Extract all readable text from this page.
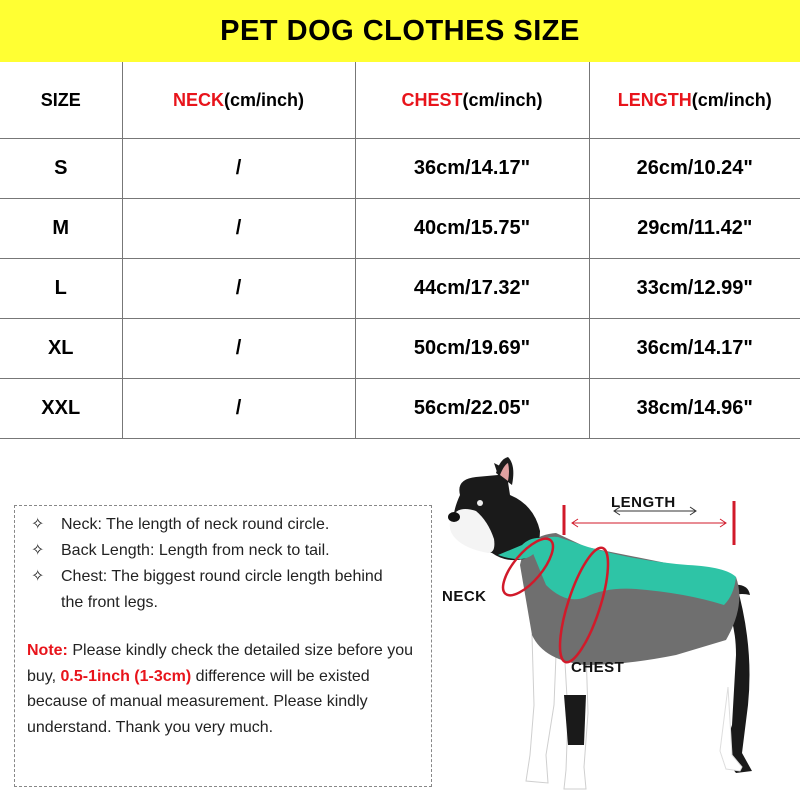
PET DOG CLOTHES SIZE
SIZE	NECK(cm/inch)	CHEST(cm/inch)	LENGTH(cm/inch)
S	/	36cm/14.17"	26cm/10.24"
M	/	40cm/15.75"	29cm/11.42"
L	/	44cm/17.32"	33cm/12.99"
XL	/	50cm/19.69"	36cm/14.17"
XXL	/	56cm/22.05"	38cm/14.96"
✧ Neck: The length of neck round circle.
✧ Back Length: Length from neck to tail.
✧ Chest: The biggest round circle length behind
the front legs.
Note: Please kindly check the detailed size before you buy, 0.5-1inch (1-3cm) difference will be existed because of manual measurement. Please kindly understand. Thank you very much.
LENGTH
NECK
CHEST
